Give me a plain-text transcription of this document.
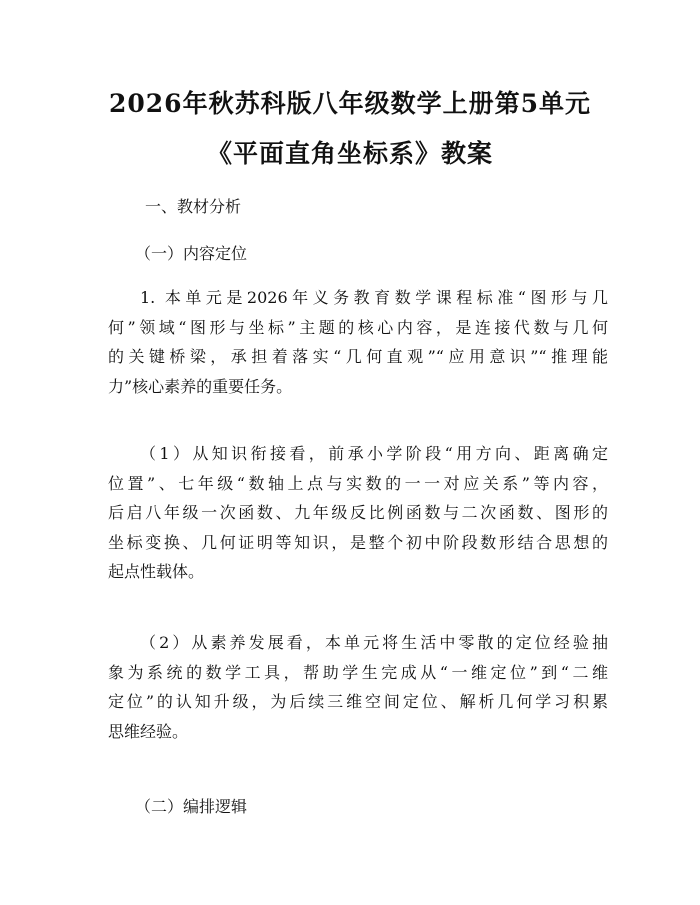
2026年秋苏科版八年级数学上册第5单元
《平面直角坐标系》教案
一、教材分析
（一）内容定位
1. 本单元是2026年义务教育数学课程标准“图形与几
何”领域“图形与坐标”主题的核心内容，是连接代数与几何
的关键桥梁，承担着落实“几何直观”“应用意识”“推理能
力”核心素养的重要任务。
（1）从知识衔接看，前承小学阶段“用方向、距离确定
位置”、七年级“数轴上点与实数的一一对应关系”等内容，
后启八年级一次函数、九年级反比例函数与二次函数、图形的
坐标变换、几何证明等知识，是整个初中阶段数形结合思想的
起点性载体。
（2）从素养发展看，本单元将生活中零散的定位经验抽
象为系统的数学工具，帮助学生完成从“一维定位”到“二维
定位”的认知升级，为后续三维空间定位、解析几何学习积累
思维经验。
（二）编排逻辑
